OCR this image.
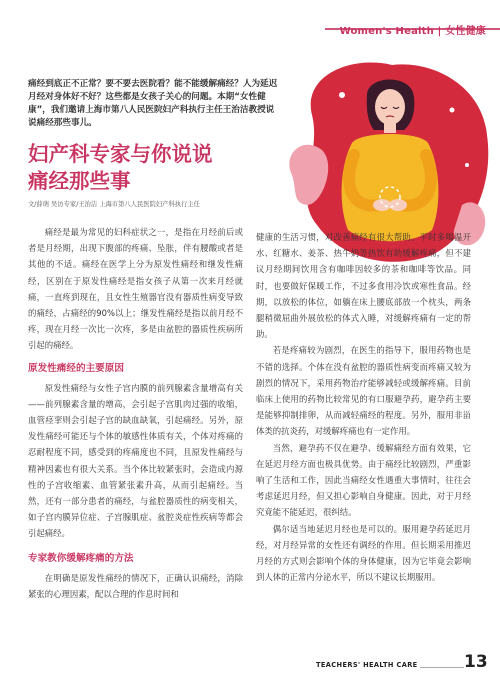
Women's Health | 女性健康
痛经到底正不正常？要不要去医院看？能不能缓解痛经？人为延迟月经对身体好不好？这些都是女孩子关心的问题。本期“女性健康”，我们邀请上海市第八人民医院妇产科执行主任王治洁教授说说痛经那些事儿。
妇产科专家与你说说
痛经那些事
文/薛萌 吴访专家/王治洁 上海市第八人民医院妇产科执行主任

痛经是最为常见的妇科症状之一，是指在月经前后或者是月经期，出现下腹部的疼痛、坠胀，伴有腰酸或者是其他的不适。痛经在医学上分为原发性痛经和继发性痛经，区别在于原发性痛经是指女孩子从第一次来月经就痛，一直疼到现在，且女性生殖器官没有器质性病变导致的痛经，占痛经的90%以上；继发性痛经是指以前月经不疼，现在月经一次比一次疼，多是由盆腔的器质性疾病所引起的痛经。

原发性痛经的主要原因

原发性痛经与女性子宫内膜的前列腺素含量增高有关——前列腺素含量的增高，会引起子宫肌肉过强的收缩，血管痉挛则会引起子宫的缺血缺氧，引起痛经。另外，原发性痛经可能还与个体的敏感性体质有关，个体对疼痛的忍耐程度不同，感受到的疼痛度也不同，且原发性痛经与精神因素也有很大关系。当个体比较紧张时，会造成内源性的子宫收缩素、血管紧张素升高，从而引起痛经。当然，还有一部分患者的痛经，与盆腔器质性的病变相关，如子宫内膜异位症、子宫腺肌症、盆腔炎症性疾病等都会引起痛经。

专家教你缓解疼痛的方法

在明确是原发性痛经的情况下，正确认识痛经，消除紧张的心理因素，配以合理的作息时间和

健康的生活习惯，对改善痛经有很大帮助。平时多喝温开水、红糖水、姜茶、热牛奶等热饮有助缓解疼痛，但不建议月经期间饮用含有咖啡因较多的茶和咖啡等饮品。同时，也要做好保暖工作，不过多食用冷饮或寒性食品。经期，以放松的体位，如躺在床上腰底部放一个枕头，两条腿稍微屈曲外展放松的体式入睡，对缓解疼痛有一定的帮助。

若是疼痛较为剧烈，在医生的指导下，服用药物也是不错的选择。个体在没有盆腔的器质性病变而疼痛又较为剧烈的情况下，采用药物治疗能够减轻或缓解疼痛。目前临床上使用的药物比较常见的有口服避孕药，避孕药主要是能够抑制排卵，从而减轻痛经的程度。另外，服用非甾体类的抗炎药，对缓解疼痛也有一定作用。

当然，避孕药不仅在避孕、缓解痛经方面有效果，它在延迟月经方面也极具优势。由于痛经比较剧烈，严重影响了生活和工作，因此当痛经女性遇重大事情时，往往会考虑延迟月经，但又担心影响自身健康。因此，对于月经究竟能不能延迟，很纠结。

偶尔适当地延迟月经也是可以的。服用避孕药延迟月经，对月经异常的女性还有调经的作用。但长期采用推迟月经的方式则会影响个体的身体健康，因为它毕竟会影响到人体的正常内分泌水平，所以不建议长期服用。

TEACHERS' HEALTH CARE	13
